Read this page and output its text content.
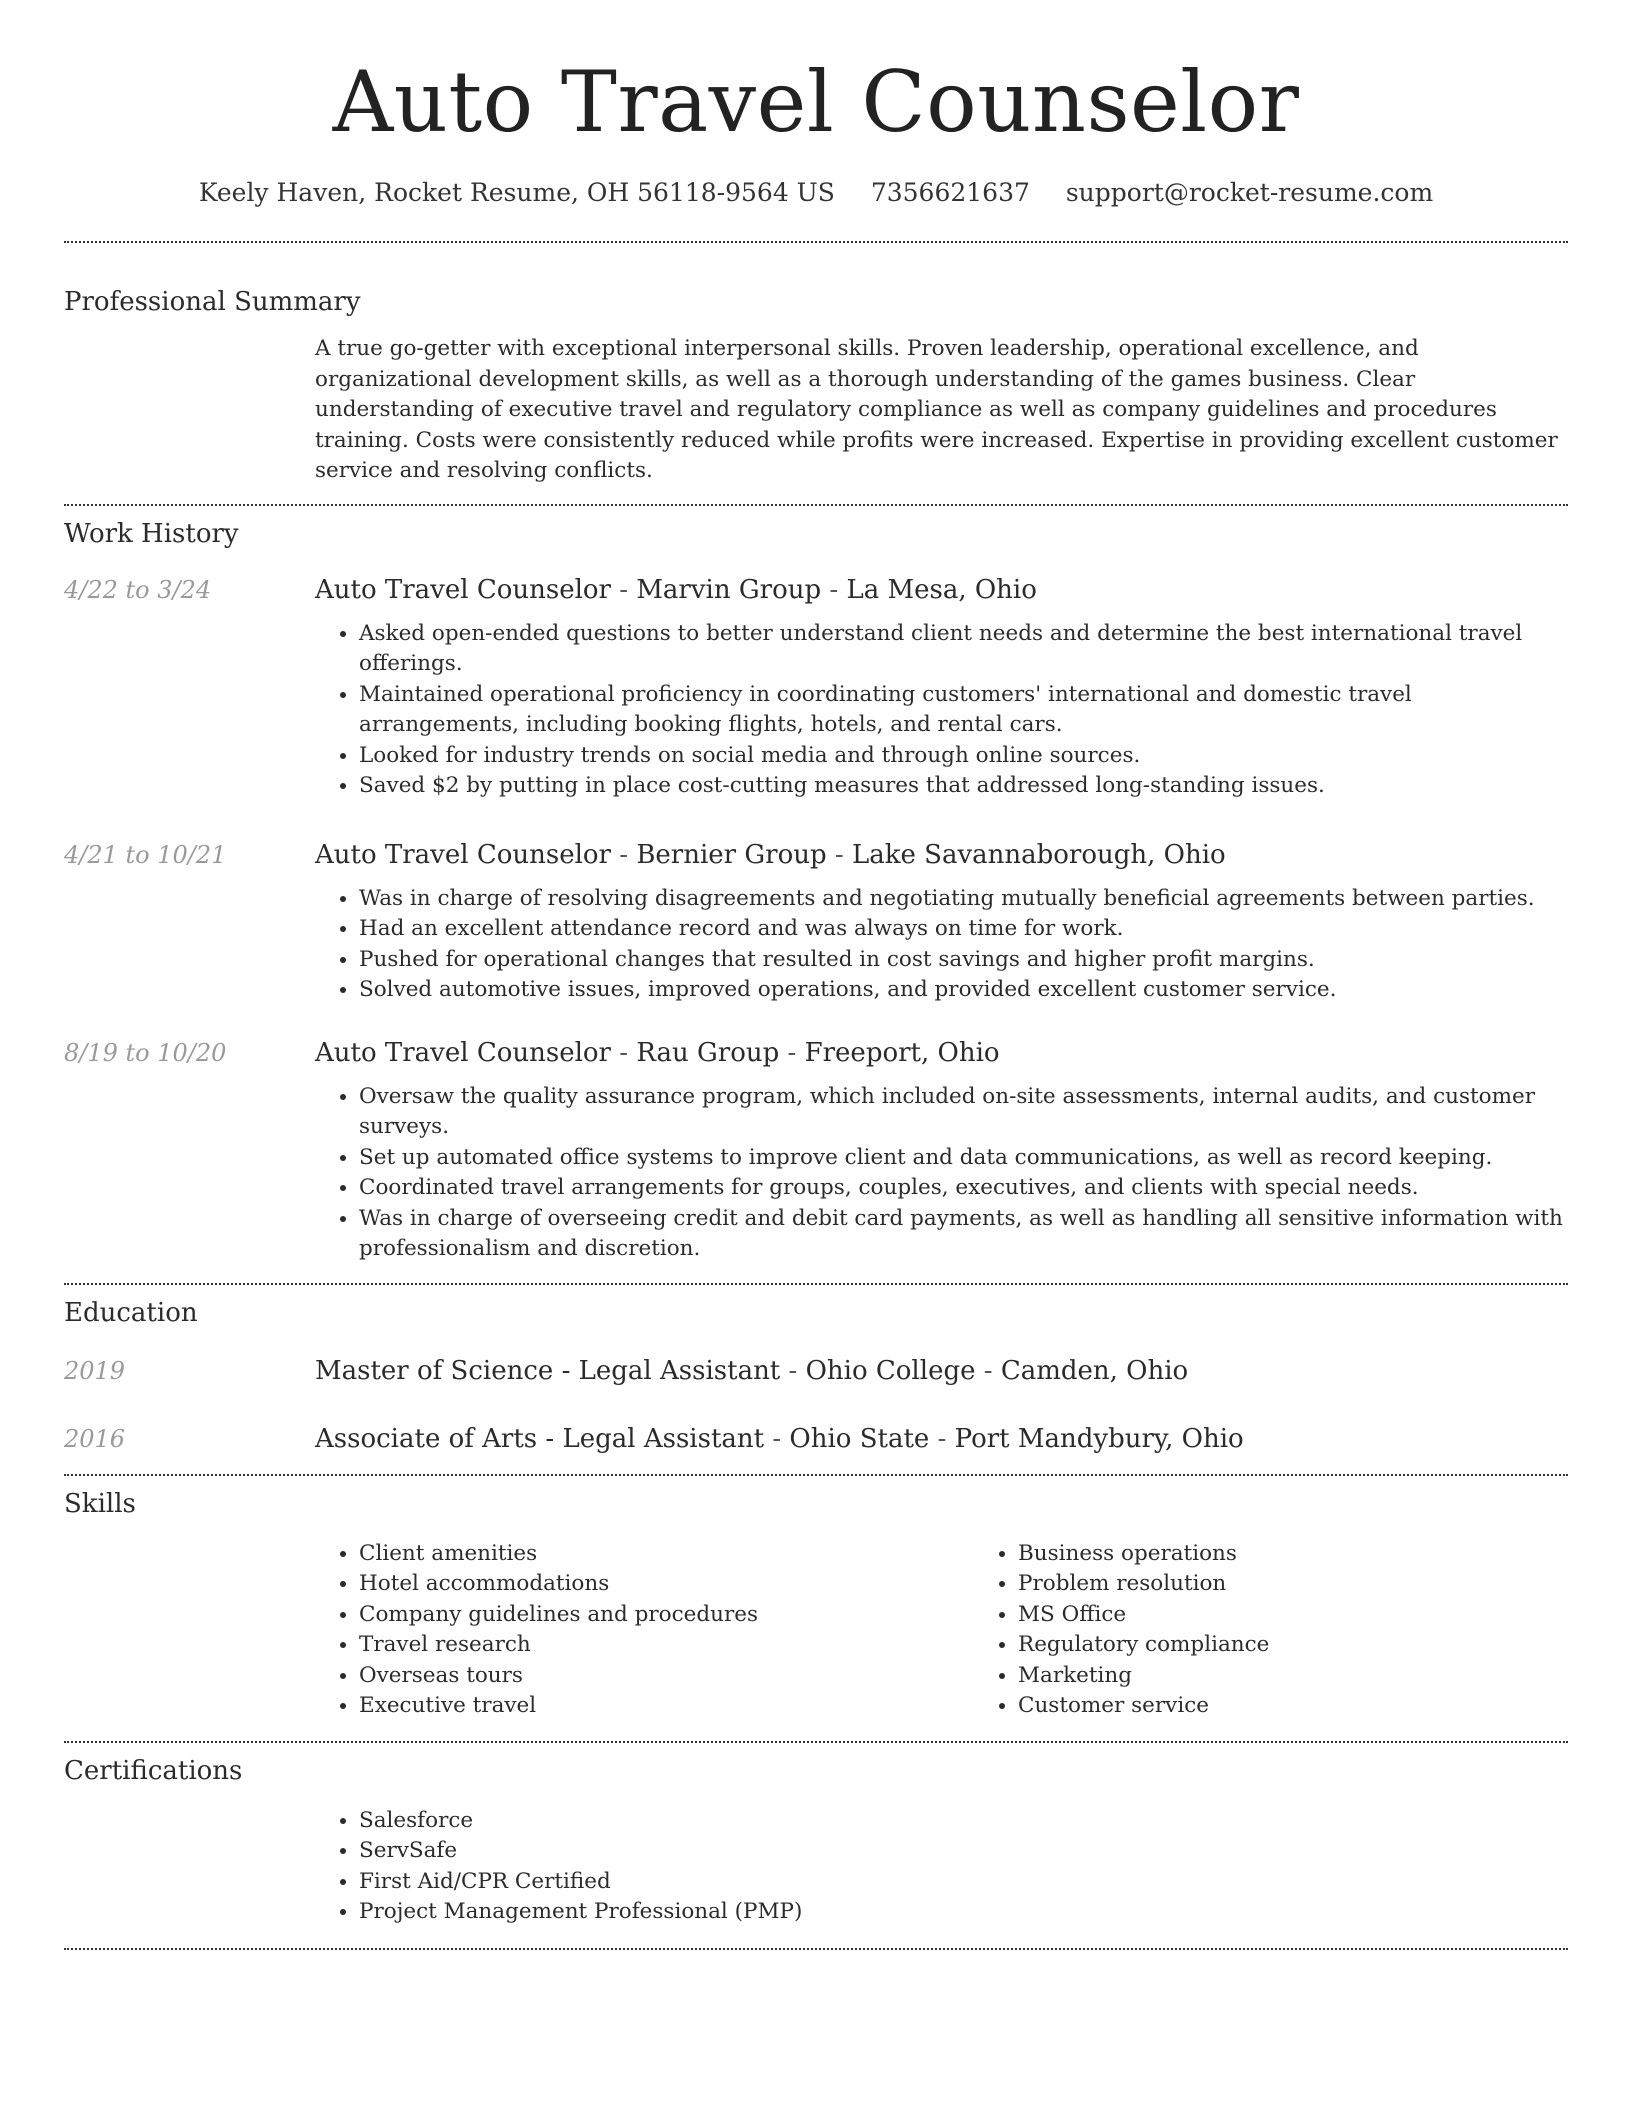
Auto Travel Counselor
Keely Haven, Rocket Resume, OH 56118-9564 US 7356621637 support@rocket-resume.com
Professional Summary
A true go-getter with exceptional interpersonal skills. Proven leadership, operational excellence, and organizational development skills, as well as a thorough understanding of the games business. Clear understanding of executive travel and regulatory compliance as well as company guidelines and procedures training. Costs were consistently reduced while profits were increased. Expertise in providing excellent customer service and resolving conflicts.
Work History
4/22 to 3/24	Auto Travel Counselor - Marvin Group - La Mesa, Ohio
• Asked open-ended questions to better understand client needs and determine the best international travel offerings.
• Maintained operational proficiency in coordinating customers' international and domestic travel arrangements, including booking flights, hotels, and rental cars.
• Looked for industry trends on social media and through online sources.
• Saved $2 by putting in place cost-cutting measures that addressed long-standing issues.
4/21 to 10/21	Auto Travel Counselor - Bernier Group - Lake Savannaborough, Ohio
• Was in charge of resolving disagreements and negotiating mutually beneficial agreements between parties.
• Had an excellent attendance record and was always on time for work.
• Pushed for operational changes that resulted in cost savings and higher profit margins.
• Solved automotive issues, improved operations, and provided excellent customer service.
8/19 to 10/20	Auto Travel Counselor - Rau Group - Freeport, Ohio
• Oversaw the quality assurance program, which included on-site assessments, internal audits, and customer surveys.
• Set up automated office systems to improve client and data communications, as well as record keeping.
• Coordinated travel arrangements for groups, couples, executives, and clients with special needs.
• Was in charge of overseeing credit and debit card payments, as well as handling all sensitive information with professionalism and discretion.
Education
2019	Master of Science - Legal Assistant - Ohio College - Camden, Ohio
2016	Associate of Arts - Legal Assistant - Ohio State - Port Mandybury, Ohio
Skills
• Client amenities
• Hotel accommodations
• Company guidelines and procedures
• Travel research
• Overseas tours
• Executive travel
• Business operations
• Problem resolution
• MS Office
• Regulatory compliance
• Marketing
• Customer service
Certifications
• Salesforce
• ServSafe
• First Aid/CPR Certified
• Project Management Professional (PMP)
